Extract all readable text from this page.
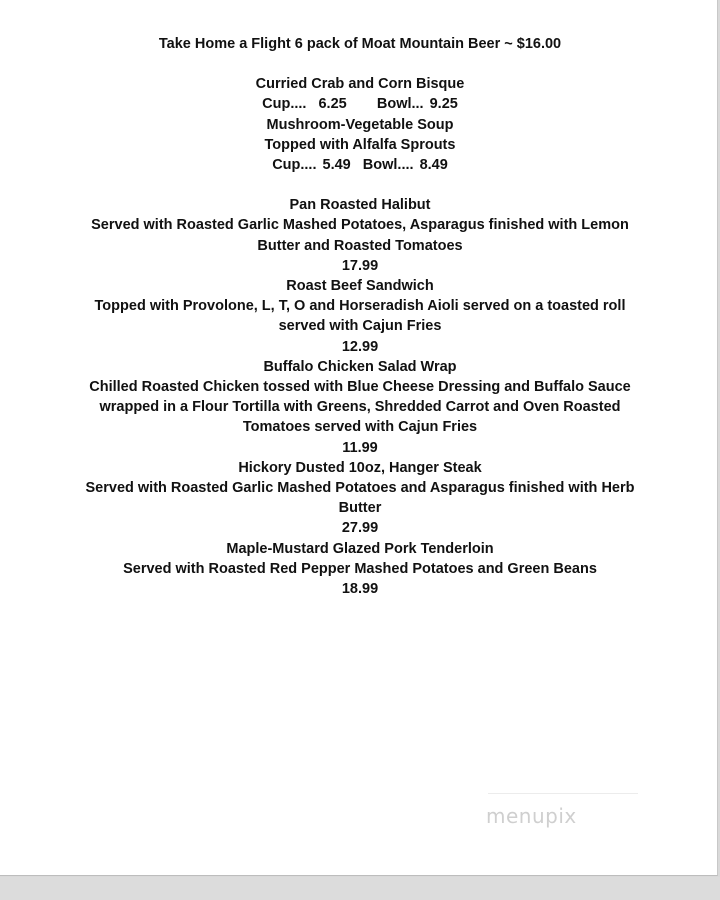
Take Home a Flight 6 pack of Moat Mountain Beer ~ $16.00
Curried Crab and Corn Bisque
Cup....  6.25     Bowl... 9.25
Mushroom-Vegetable Soup
Topped with Alfalfa Sprouts
Cup.... 5.49  Bowl.... 8.49
Pan Roasted Halibut
Served with Roasted Garlic Mashed Potatoes, Asparagus finished with Lemon
Butter and Roasted Tomatoes
17.99
Roast Beef Sandwich
Topped with Provolone, L, T, O and Horseradish Aioli served on a toasted roll
served with Cajun Fries
12.99
Buffalo Chicken Salad Wrap
Chilled Roasted Chicken tossed with Blue Cheese Dressing and Buffalo Sauce
wrapped in a Flour Tortilla with Greens, Shredded Carrot and Oven Roasted
Tomatoes served with Cajun Fries
11.99
Hickory Dusted 10oz, Hanger Steak
Served with Roasted Garlic Mashed Potatoes and Asparagus finished with Herb
Butter
27.99
Maple-Mustard Glazed Pork Tenderloin
Served with Roasted Red Pepper Mashed Potatoes and Green Beans
18.99
menupix
